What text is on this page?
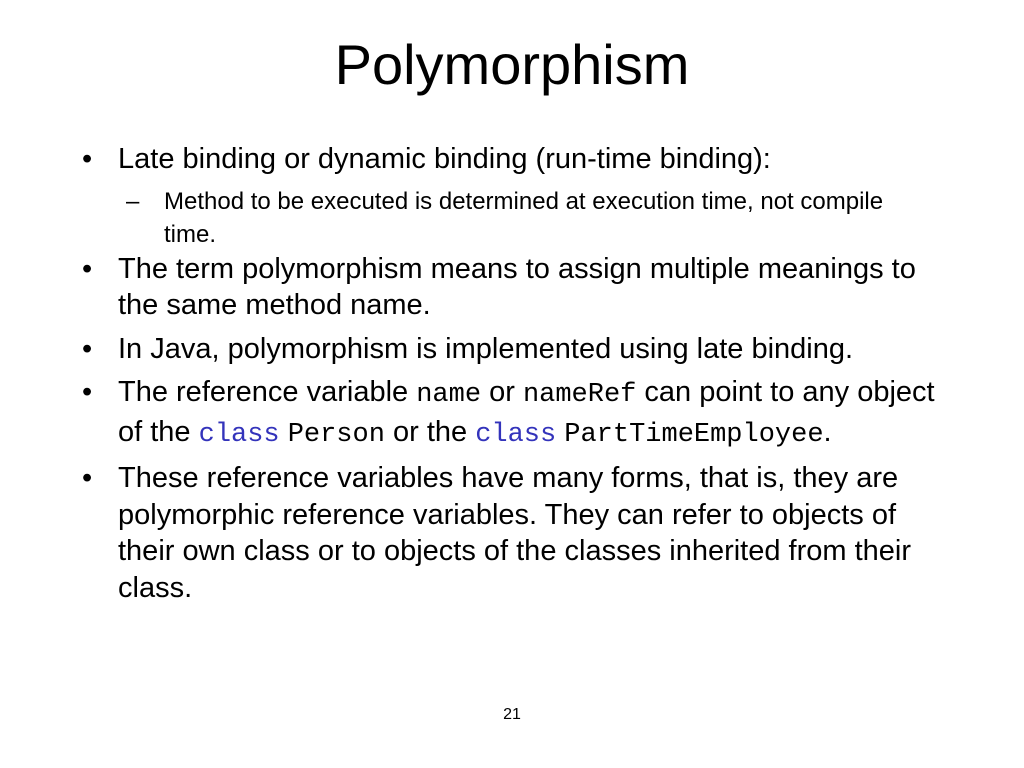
Polymorphism
• Late binding or dynamic binding (run-time binding):
– Method to be executed is determined at execution time, not compile time.
• The term polymorphism means to assign multiple meanings to the same method name.
• In Java, polymorphism is implemented using late binding.
• The reference variable name or nameRef can point to any object of the class Person or the class PartTimeEmployee.
• These reference variables have many forms, that is, they are polymorphic reference variables. They can refer to objects of their own class or to objects of the classes inherited from their class.
21
